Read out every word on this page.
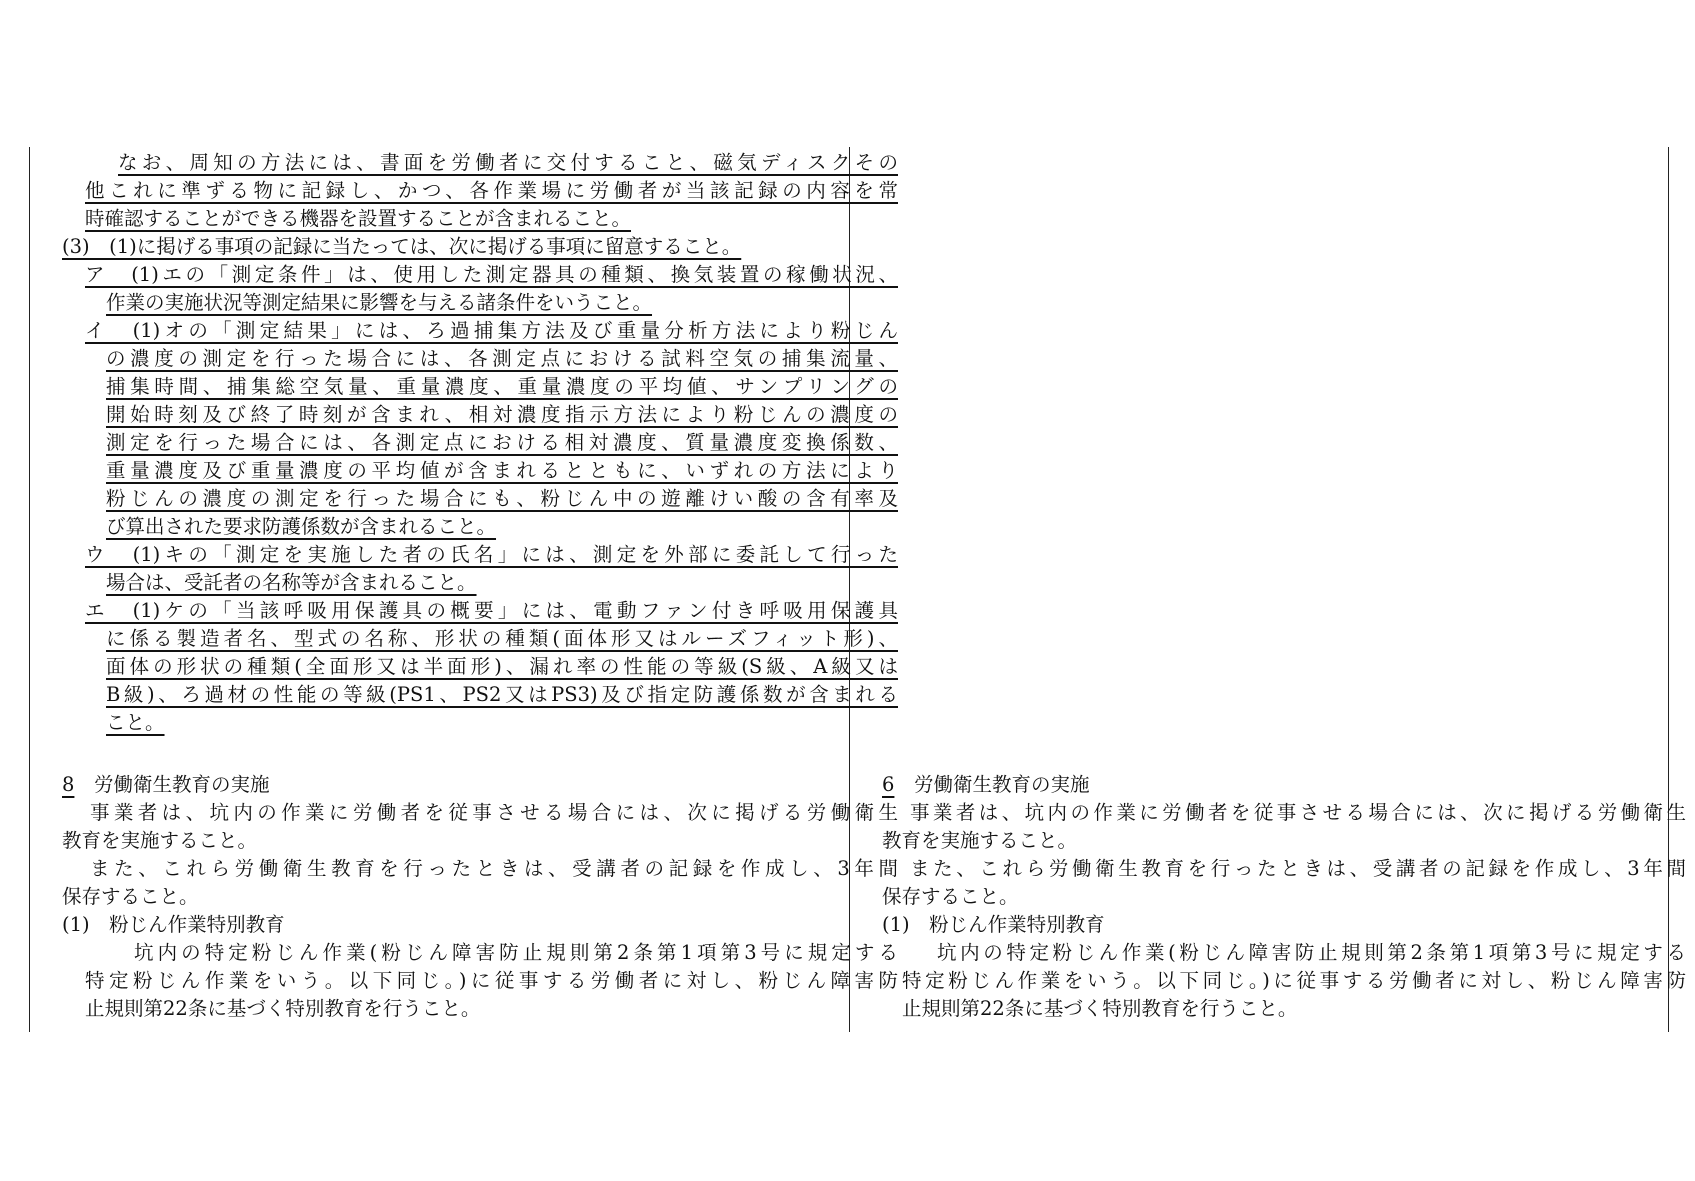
なお、周知の方法には、書面を労働者に交付すること、磁気ディスクその
他これに準ずる物に記録し、かつ、各作業場に労働者が当該記録の内容を常
時確認することができる機器を設置することが含まれること。
(3)　(1)に掲げる事項の記録に当たっては、次に掲げる事項に留意すること。
ア　(1)エの「測定条件」は、使用した測定器具の種類、換気装置の稼働状況、
作業の実施状況等測定結果に影響を与える諸条件をいうこと。
イ　(1)オの「測定結果」には、ろ過捕集方法及び重量分析方法により粉じん
の濃度の測定を行った場合には、各測定点における試料空気の捕集流量、
捕集時間、捕集総空気量、重量濃度、重量濃度の平均値、サンプリングの
開始時刻及び終了時刻が含まれ、相対濃度指示方法により粉じんの濃度の
測定を行った場合には、各測定点における相対濃度、質量濃度変換係数、
重量濃度及び重量濃度の平均値が含まれるとともに、いずれの方法により
粉じんの濃度の測定を行った場合にも、粉じん中の遊離けい酸の含有率及
び算出された要求防護係数が含まれること。
ウ　(1)キの「測定を実施した者の氏名」には、測定を外部に委託して行った
場合は、受託者の名称等が含まれること。
エ　(1)ケの「当該呼吸用保護具の概要」には、電動ファン付き呼吸用保護具
に係る製造者名、型式の名称、形状の種類(面体形又はルーズフィット形)、
面体の形状の種類(全面形又は半面形)、漏れ率の性能の等級(S級、A級又は
B級)、ろ過材の性能の等級(PS1、PS2又はPS3)及び指定防護係数が含まれる
こと。
8　 労働衛生教育の実施
事業者は、坑内の作業に労働者を従事させる場合には、次に掲げる労働衛生
教育を実施すること。
また、これら労働衛生教育を行ったときは、受講者の記録を作成し、3年間
保存すること。
(1)　粉じん作業特別教育
坑内の特定粉じん作業(粉じん障害防止規則第2条第1項第3号に規定する
特定粉じん作業をいう。以下同じ。)に従事する労働者に対し、粉じん障害防
止規則第22条に基づく特別教育を行うこと。
6　 労働衛生教育の実施
事業者は、坑内の作業に労働者を従事させる場合には、次に掲げる労働衛生
教育を実施すること。
また、これら労働衛生教育を行ったときは、受講者の記録を作成し、3年間
保存すること。
(1)　粉じん作業特別教育
坑内の特定粉じん作業(粉じん障害防止規則第2条第1項第3号に規定する
特定粉じん作業をいう。以下同じ。)に従事する労働者に対し、粉じん障害防
止規則第22条に基づく特別教育を行うこと。
